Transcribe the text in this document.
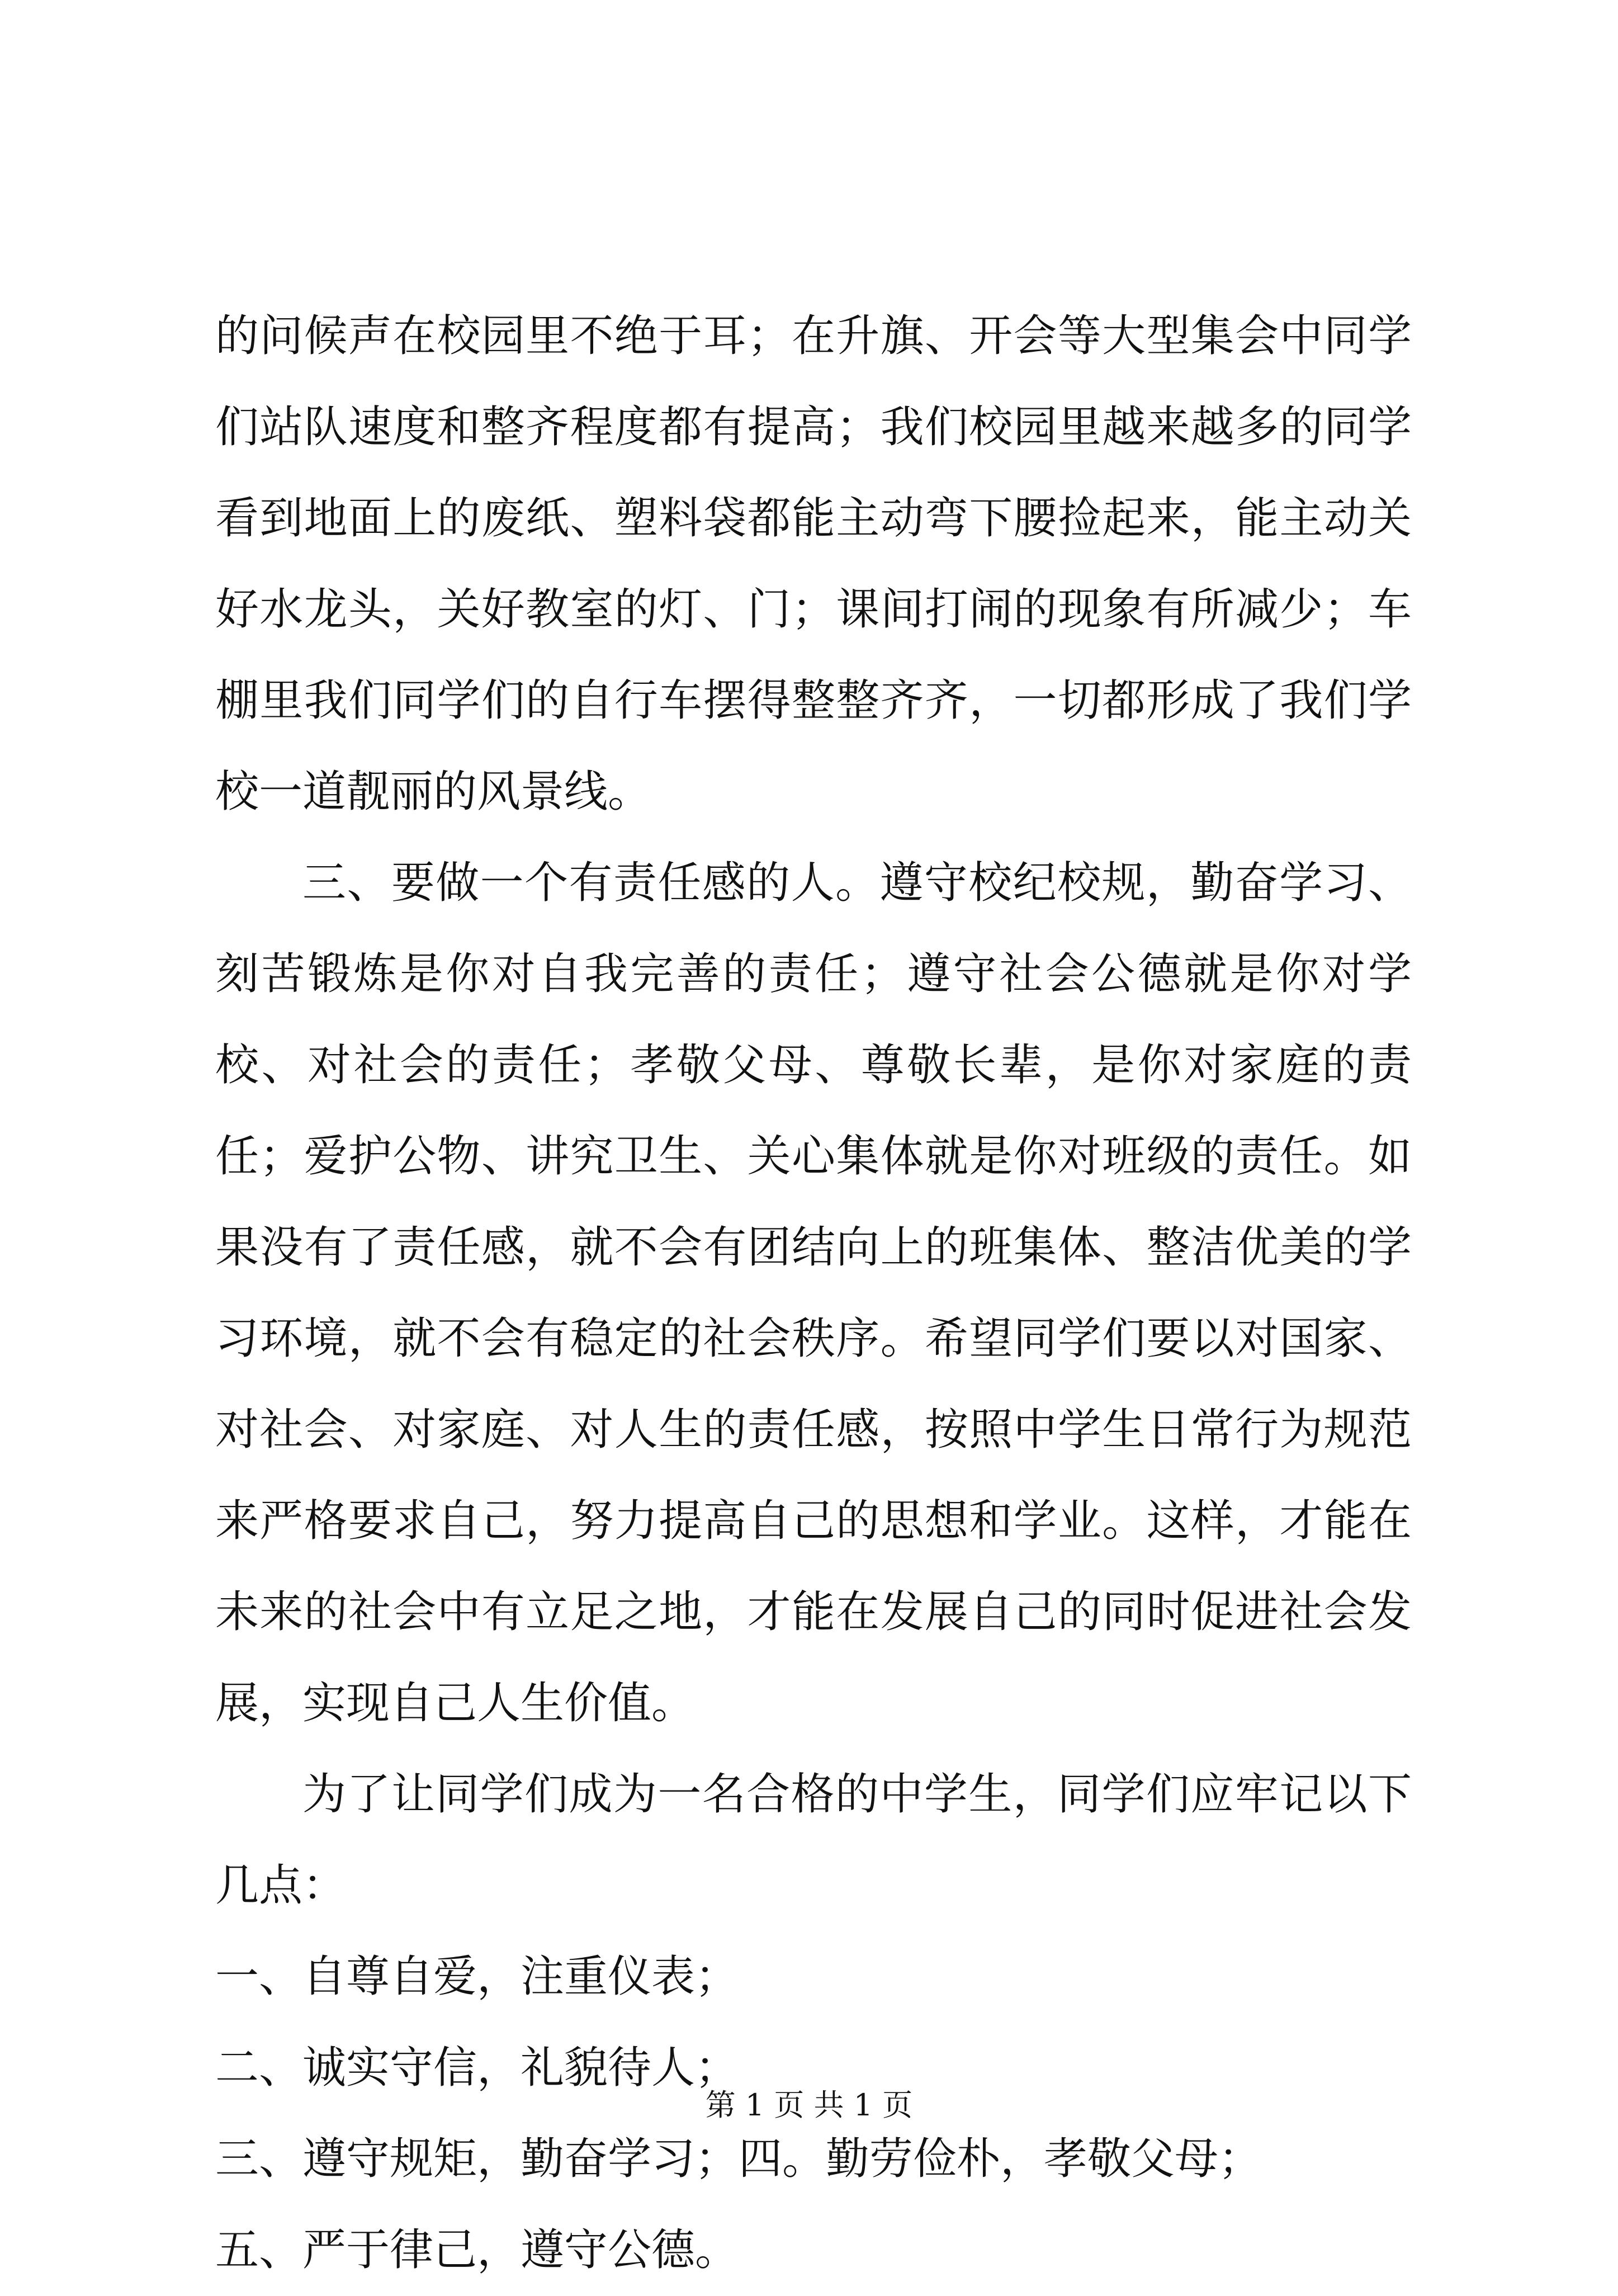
的问候声在校园里不绝于耳；在升旗、开会等大型集会中同学们站队速度和整齐程度都有提高；我们校园里越来越多的同学看到地面上的废纸、塑料袋都能主动弯下腰捡起来，能主动关好水龙头，关好教室的灯、门；课间打闹的现象有所减少；车棚里我们同学们的自行车摆得整整齐齐，一切都形成了我们学校一道靓丽的风景线。

三、要做一个有责任感的人。遵守校纪校规，勤奋学习、刻苦锻炼是你对自我完善的责任；遵守社会公德就是你对学校、对社会的责任；孝敬父母、尊敬长辈，是你对家庭的责任；爱护公物、讲究卫生、关心集体就是你对班级的责任。如果没有了责任感，就不会有团结向上的班集体、整洁优美的学习环境，就不会有稳定的社会秩序。希望同学们要以对国家、对社会、对家庭、对人生的责任感，按照中学生日常行为规范来严格要求自己，努力提高自己的思想和学业。这样，才能在未来的社会中有立足之地，才能在发展自己的同时促进社会发展，实现自己人生价值。

为了让同学们成为一名合格的中学生，同学们应牢记以下几点：

一、自尊自爱，注重仪表；

二、诚实守信，礼貌待人；

三、遵守规矩，勤奋学习；四。勤劳俭朴，孝敬父母；

五、严于律己，遵守公德。

第 1 页 共 1 页
